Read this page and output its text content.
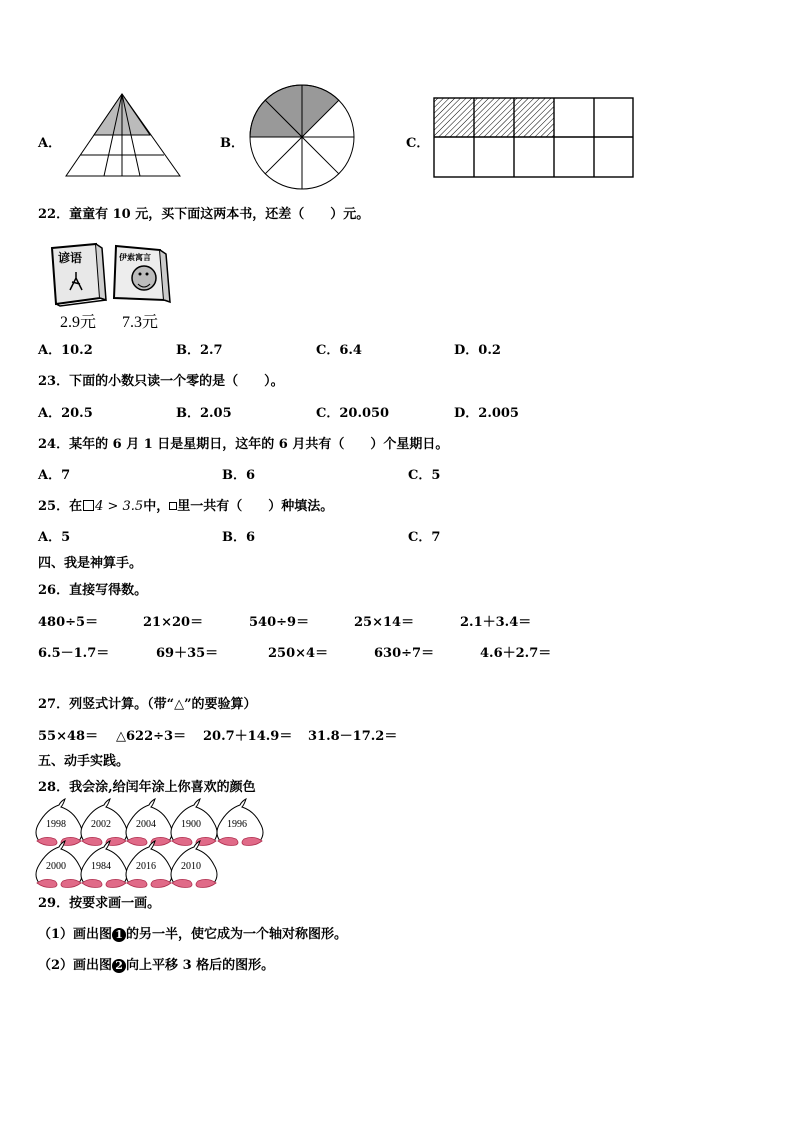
A．	B．	C．
22．童童有 10 元，买下面这两本书，还差（　　）元。
谚语
2.9元
伊索寓言
7.3元
A．10.2	B．2.7	C．6.4	D．0.2
23．下面的小数只读一个零的是（　　）。
A．20.5	B．2.05	C．20.050	D．2.005
24．某年的 6 月 1 日是星期日，这年的 6 月共有（　　）个星期日。
A．7	B．6	C．5
25．在 4 > 3.5中， 里一共有（　　）种填法。
A．5	B．6	C．7
四、我是神算手。
26．直接写得数。
480÷5＝	21×20＝	540÷9＝	25×14＝	2.1＋3.4＝
6.5－1.7＝	69＋35＝	250×4＝	630÷7＝	4.6＋2.7＝
27．列竖式计算。（带“△”的要验算）
55×48＝ △622÷3＝ 20.7＋14.9＝ 31.8－17.2＝
五、动手实践。
28．我会涂,给闰年涂上你喜欢的颜色
1998	2002	2004	1900	1996
2000	1984	2016	2010
29．按要求画一画。
（1）画出图 1 的另一半，使它成为一个轴对称图形。
（2）画出图 2 向上平移 3 格后的图形。
